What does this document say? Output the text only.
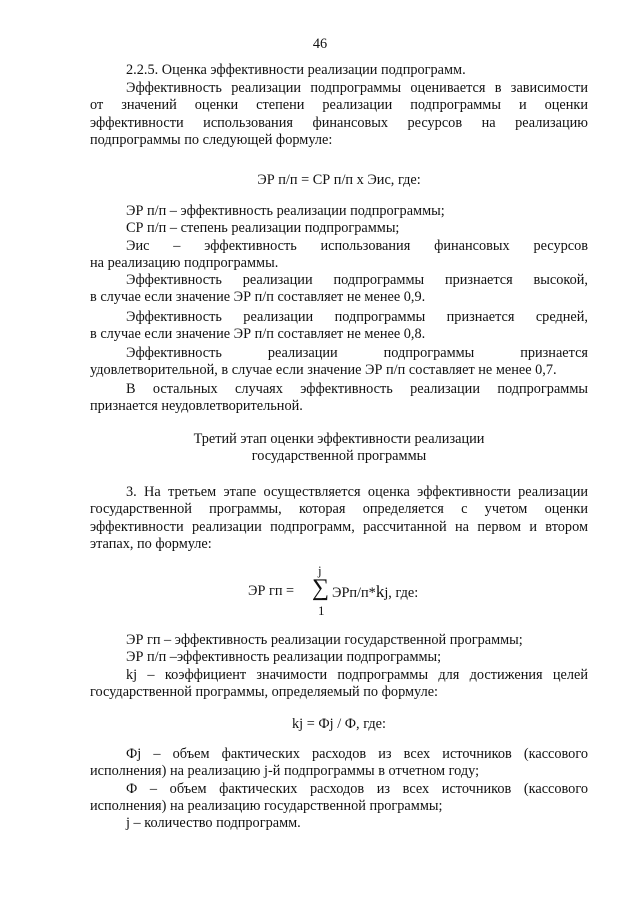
46

2.2.5. Оценка эффективности реализации подпрограмм.

Эффективность реализации подпрограммы оценивается в зависимости
от значений оценки степени реализации подпрограммы и оценки
эффективности использования финансовых ресурсов на реализацию
подпрограммы по следующей формуле:

ЭР п/п = СР п/п х Эис, где:

ЭР п/п – эффективность реализации подпрограммы;
СР п/п – степень реализации подпрограммы;
Эис – эффективность использования финансовых ресурсов
на реализацию подпрограммы.
Эффективность реализации подпрограммы признается высокой,
в случае если значение ЭР п/п составляет не менее 0,9.
Эффективность реализации подпрограммы признается средней,
в случае если значение ЭР п/п составляет не менее 0,8.
Эффективность реализации подпрограммы признается
удовлетворительной, в случае если значение ЭР п/п составляет не менее 0,7.
В остальных случаях эффективность реализации подпрограммы
признается неудовлетворительной.
Третий этап оценки эффективности реализации
государственной программы
3. На третьем этапе осуществляется оценка эффективности реализации
государственной программы, которая определяется с учетом оценки
эффективности реализации подпрограмм, рассчитанной на первом и втором
этапах, по формуле:
j
ЭР гп = ∑ ЭРп/п*kj, где:
1
ЭР гп – эффективность реализации государственной программы;
ЭР п/п –эффективность реализации подпрограммы;
kj – коэффициент значимости подпрограммы для достижения целей
государственной программы, определяемый по формуле:

kj = Фj / Ф, где:

Фj – объем фактических расходов из всех источников (кассового
исполнения) на реализацию j-й подпрограммы в отчетном году;
Ф – объем фактических расходов из всех источников (кассового
исполнения) на реализацию государственной программы;
j – количество подпрограмм.
